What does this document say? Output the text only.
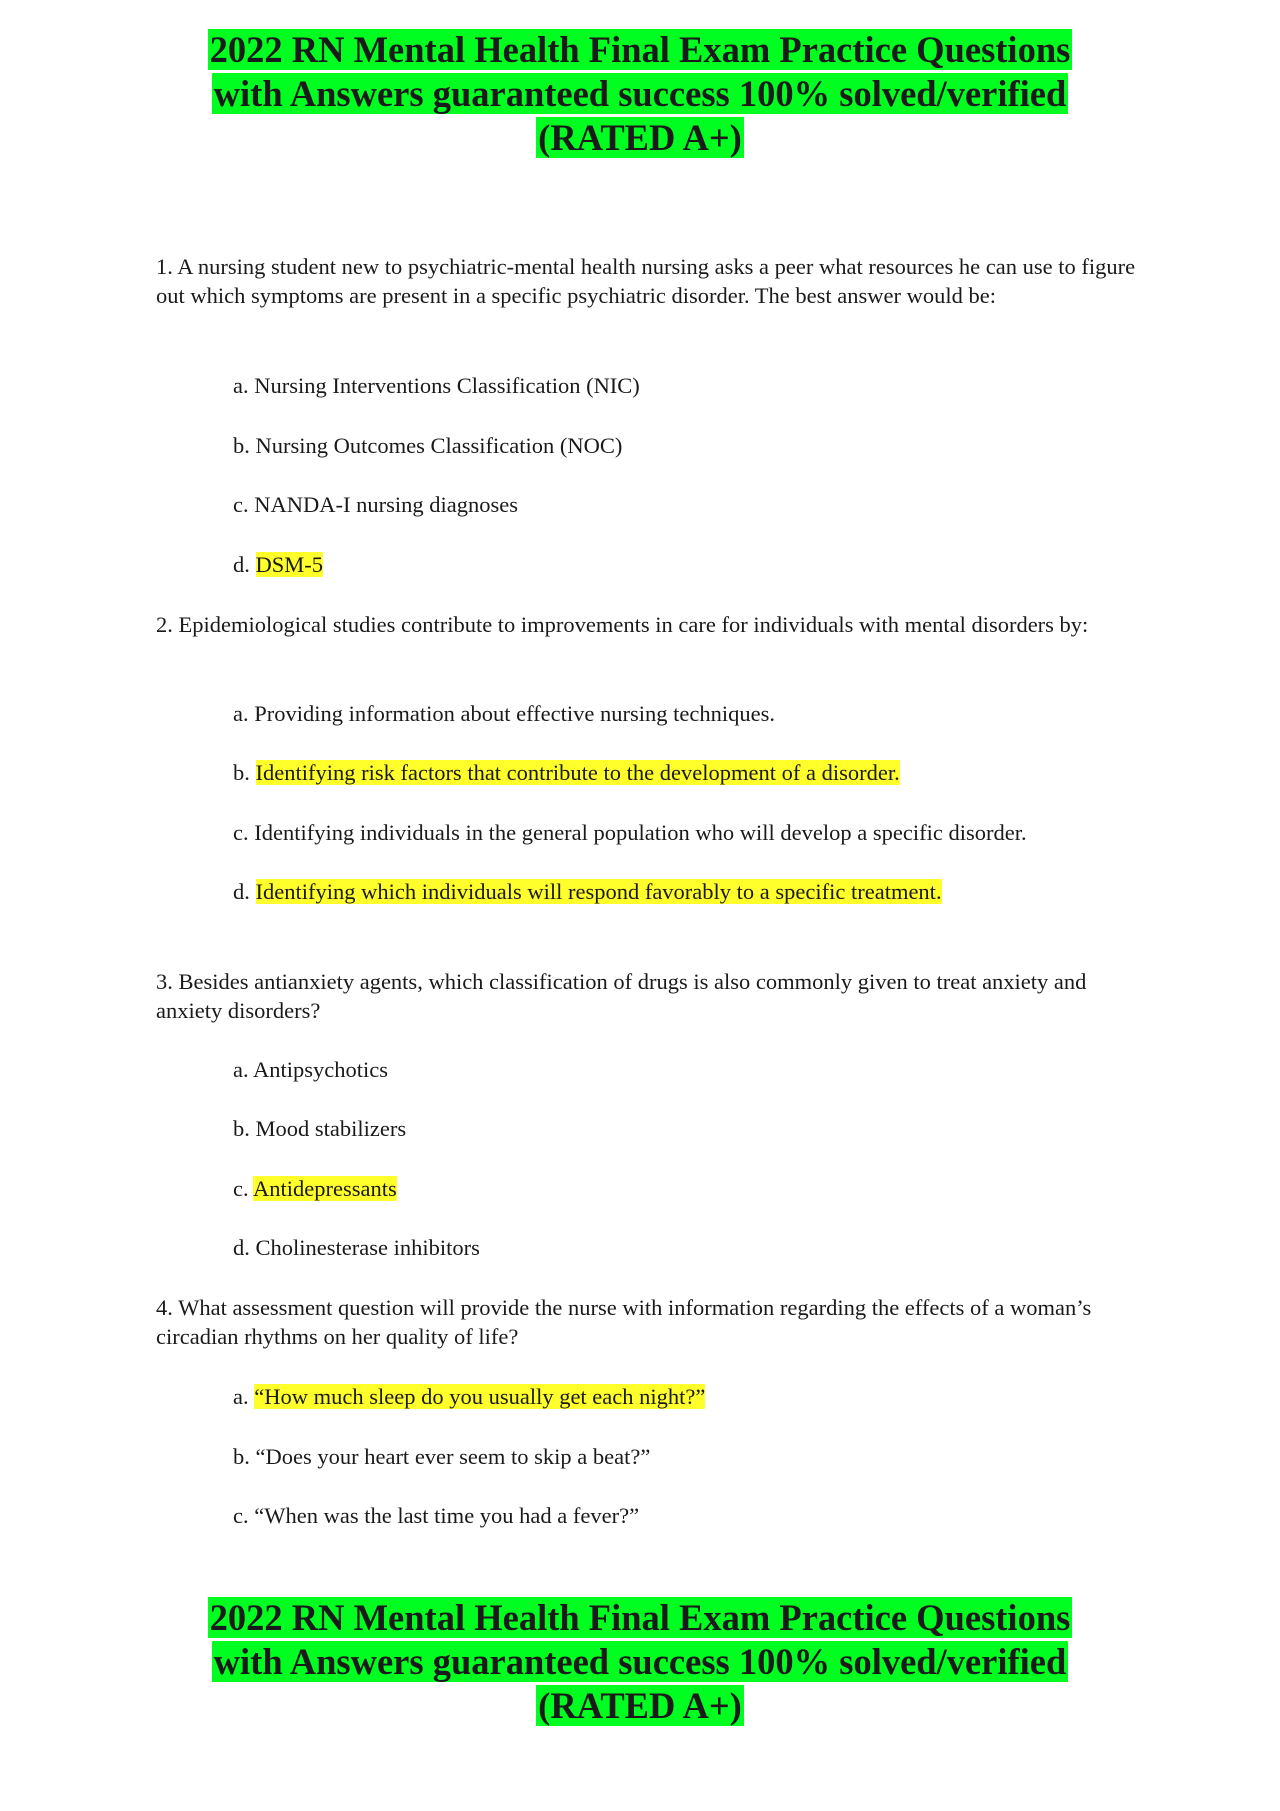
2022 RN Mental Health Final Exam Practice Questions
with Answers guaranteed success 100% solved/verified
(RATED A+)
1. A nursing student new to psychiatric-mental health nursing asks a peer what resources he can use to figure out which symptoms are present in a specific psychiatric disorder. The best answer would be:
a. Nursing Interventions Classification (NIC)
b. Nursing Outcomes Classification (NOC)
c. NANDA-I nursing diagnoses
d. DSM-5
2. Epidemiological studies contribute to improvements in care for individuals with mental disorders by:
a. Providing information about effective nursing techniques.
b. Identifying risk factors that contribute to the development of a disorder.
c. Identifying individuals in the general population who will develop a specific disorder.
d. Identifying which individuals will respond favorably to a specific treatment.
3. Besides antianxiety agents, which classification of drugs is also commonly given to treat anxiety and anxiety disorders?
a. Antipsychotics
b. Mood stabilizers
c. Antidepressants
d. Cholinesterase inhibitors
4. What assessment question will provide the nurse with information regarding the effects of a woman’s circadian rhythms on her quality of life?
a. “How much sleep do you usually get each night?”
b. “Does your heart ever seem to skip a beat?”
c. “When was the last time you had a fever?”
2022 RN Mental Health Final Exam Practice Questions
with Answers guaranteed success 100% solved/verified
(RATED A+)
